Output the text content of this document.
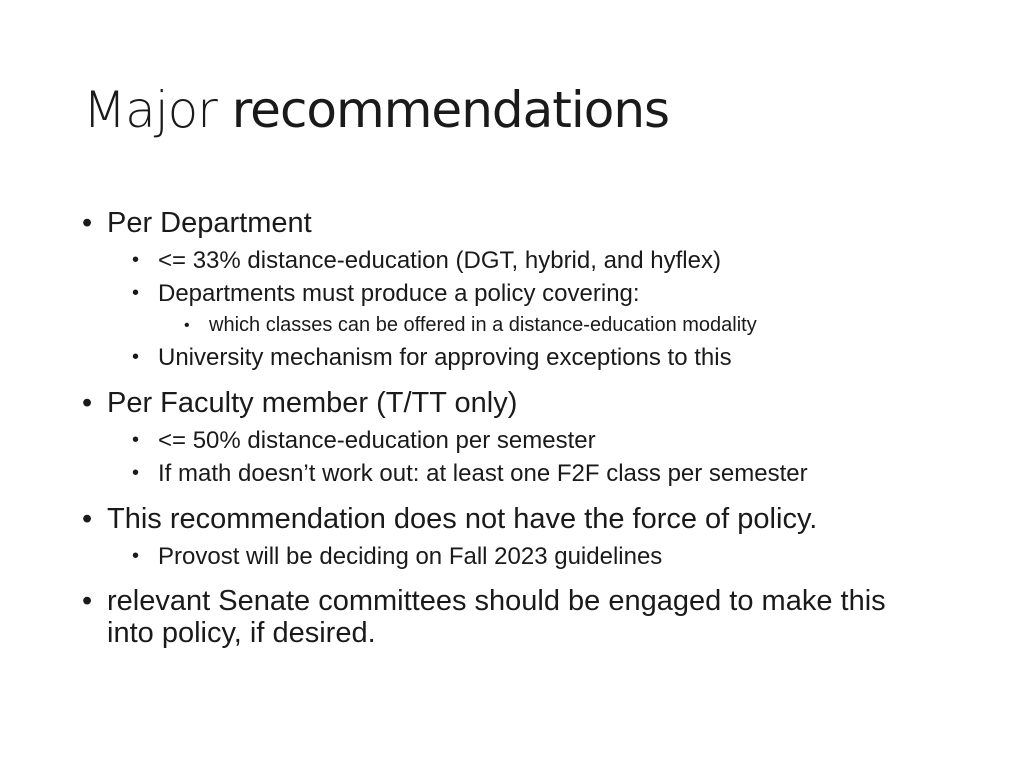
Major recommendations
• Per Department
• <= 33% distance-education (DGT, hybrid, and hyflex)
• Departments must produce a policy covering:
• which classes can be offered in a distance-education modality
• University mechanism for approving exceptions to this
• Per Faculty member (T/TT only)
• <= 50% distance-education per semester
• If math doesn’t work out: at least one F2F class per semester
• This recommendation does not have the force of policy.
• Provost will be deciding on Fall 2023 guidelines
• relevant Senate committees should be engaged to make this into policy, if desired.
